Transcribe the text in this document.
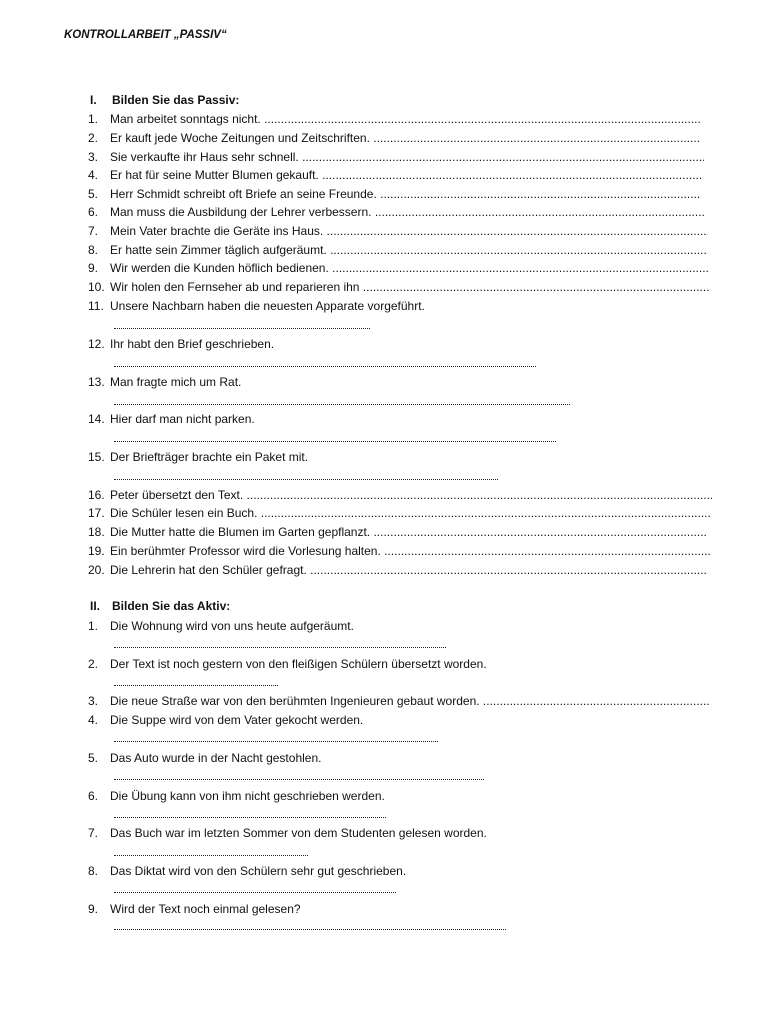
KONTROLLARBEIT „PASSIV“
I. Bilden Sie das Passiv:
1. Man arbeitet sonntags nicht. .....
2. Er kauft jede Woche Zeitungen und Zeitschriften. .....
3. Sie verkaufte ihr Haus sehr schnell. .....
4. Er hat für seine Mutter Blumen gekauft. .....
5. Herr Schmidt schreibt oft Briefe an seine Freunde. .....
6. Man muss die Ausbildung der Lehrer verbessern. .....
7. Mein Vater brachte die Geräte ins Haus. .....
8. Er hatte sein Zimmer täglich aufgeräumt. .....
9. Wir werden die Kunden höflich bedienen. .....
10. Wir holen den Fernseher ab und reparieren ihn .....
11. Unsere Nachbarn haben die neuesten Apparate vorgeführt.
12. Ihr habt den Brief geschrieben.
13. Man fragte mich um Rat.
14. Hier darf man nicht parken.
15. Der Briefträger brachte ein Paket mit.
16. Peter übersetzt den Text. .....
17. Die Schüler lesen ein Buch. .....
18. Die Mutter hatte die Blumen im Garten gepflanzt. .....
19. Ein berühmter Professor wird die Vorlesung halten. .....
20. Die Lehrerin hat den Schüler gefragt. .....
II. Bilden Sie das Aktiv:
1. Die Wohnung wird von uns heute aufgeräumt.
2. Der Text ist noch gestern von den fleißigen Schülern übersetzt worden.
3. Die neue Straße war von den berühmten Ingenieuren gebaut worden. .....
4. Die Suppe wird von dem Vater gekocht werden.
5. Das Auto wurde in der Nacht gestohlen.
6. Die Übung kann von ihm nicht geschrieben werden.
7. Das Buch war im letzten Sommer von dem Studenten gelesen worden.
8. Das Diktat wird von den Schülern sehr gut geschrieben.
9. Wird der Text noch einmal gelesen?
